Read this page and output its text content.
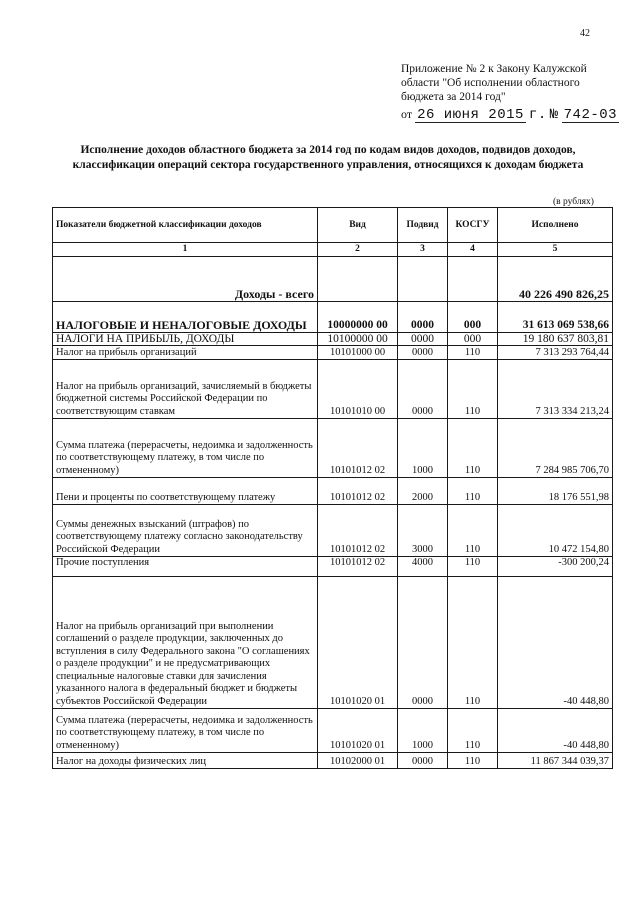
42
Приложение № 2 к Закону Калужской
области "Об исполнении областного
бюджета за 2014 год"
от 26 июня 2015 г. № 742-03
Исполнение доходов областного бюджета за 2014 год по кодам видов доходов, подвидов доходов, классификации операций сектора государственного управления, относящихся к доходам бюджета
(в рублях)
Показатели бюджетной классификации доходов	Вид	Подвид	КОСГУ	Исполнено
1	2	3	4	5
Доходы - всего				40 226 490 826,25
НАЛОГОВЫЕ И НЕНАЛОГОВЫЕ ДОХОДЫ	10000000 00	0000	000	31 613 069 538,66
НАЛОГИ НА ПРИБЫЛЬ, ДОХОДЫ	10100000 00	0000	000	19 180 637 803,81
Налог на прибыль организаций	10101000 00	0000	110	7 313 293 764,44
Налог на прибыль организаций, зачисляемый в бюджеты бюджетной системы Российской Федерации по соответствующим ставкам	10101010 00	0000	110	7 313 334 213,24
Сумма платежа (перерасчеты, недоимка и задолженность по соответствующему платежу, в том числе по отмененному)	10101012 02	1000	110	7 284 985 706,70
Пени и проценты по соответствующему платежу	10101012 02	2000	110	18 176 551,98
Суммы денежных взысканий (штрафов) по соответствующему платежу согласно законодательству Российской Федерации	10101012 02	3000	110	10 472 154,80
Прочие поступления	10101012 02	4000	110	-300 200,24
Налог на прибыль организаций при выполнении соглашений о разделе продукции, заключенных до вступления в силу Федерального закона "О соглашениях о разделе продукции" и не предусматривающих специальные налоговые ставки для зачисления указанного налога в федеральный бюджет и бюджеты субъектов Российской Федерации	10101020 01	0000	110	-40 448,80
Сумма платежа (перерасчеты, недоимка и задолженность по соответствующему платежу, в том числе по отмененному)	10101020 01	1000	110	-40 448,80
Налог на доходы физических лиц	10102000 01	0000	110	11 867 344 039,37
